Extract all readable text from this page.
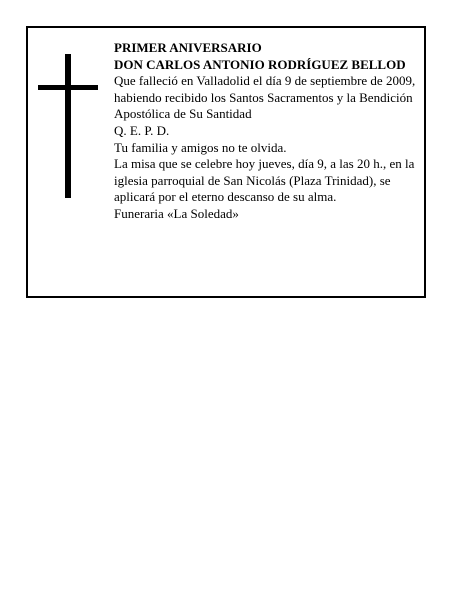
PRIMER ANIVERSARIO

DON CARLOS ANTONIO RODRÍGUEZ BELLOD

Que falleció en Valladolid el día 9 de septiembre de 2009, habiendo recibido los Santos Sacramentos y la Bendición Apostólica de Su Santidad

Q. E. P. D.

Tu familia y amigos no te olvida.

La misa que se celebre hoy jueves, día 9, a las 20 h., en la iglesia parroquial de San Nicolás (Plaza Trinidad), se aplicará por el eterno descanso de su alma.

Funeraria «La Soledad»
